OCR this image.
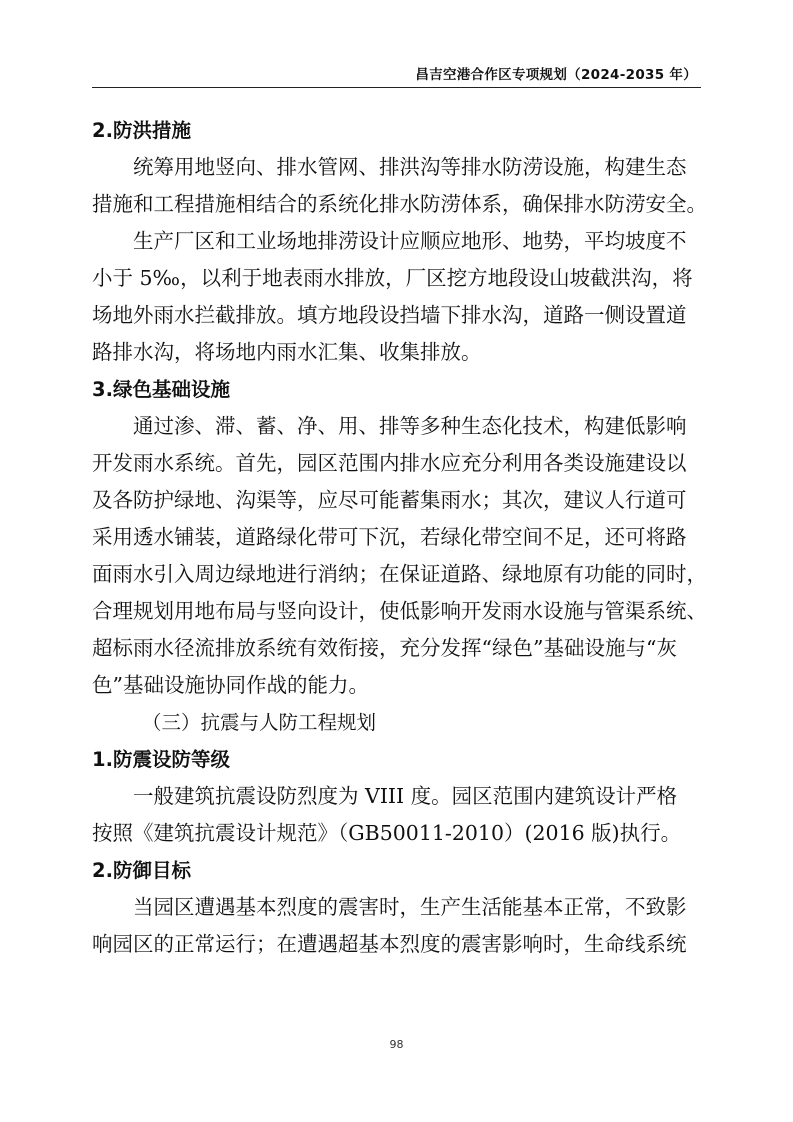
昌吉空港合作区专项规划（2024-2035 年）
2.防洪措施
统筹用地竖向、排水管网、排洪沟等排水防涝设施，构建生态
措施和工程措施相结合的系统化排水防涝体系，确保排水防涝安全。
生产厂区和工业场地排涝设计应顺应地形、地势，平均坡度不
小于 5‰，以利于地表雨水排放，厂区挖方地段设山坡截洪沟，将
场地外雨水拦截排放。填方地段设挡墙下排水沟，道路一侧设置道
路排水沟，将场地内雨水汇集、收集排放。
3.绿色基础设施
通过渗、滞、蓄、净、用、排等多种生态化技术，构建低影响
开发雨水系统。首先，园区范围内排水应充分利用各类设施建设以
及各防护绿地、沟渠等，应尽可能蓄集雨水；其次，建议人行道可
采用透水铺装，道路绿化带可下沉，若绿化带空间不足，还可将路
面雨水引入周边绿地进行消纳；在保证道路、绿地原有功能的同时，
合理规划用地布局与竖向设计，使低影响开发雨水设施与管渠系统、
超标雨水径流排放系统有效衔接，充分发挥“绿色”基础设施与“灰
色”基础设施协同作战的能力。
（三）抗震与人防工程规划
1.防震设防等级
一般建筑抗震设防烈度为 VIII 度。园区范围内建筑设计严格
按照《建筑抗震设计规范》（GB50011-2010）(2016 版)执行。
2.防御目标
当园区遭遇基本烈度的震害时，生产生活能基本正常，不致影
响园区的正常运行；在遭遇超基本烈度的震害影响时，生命线系统
98
